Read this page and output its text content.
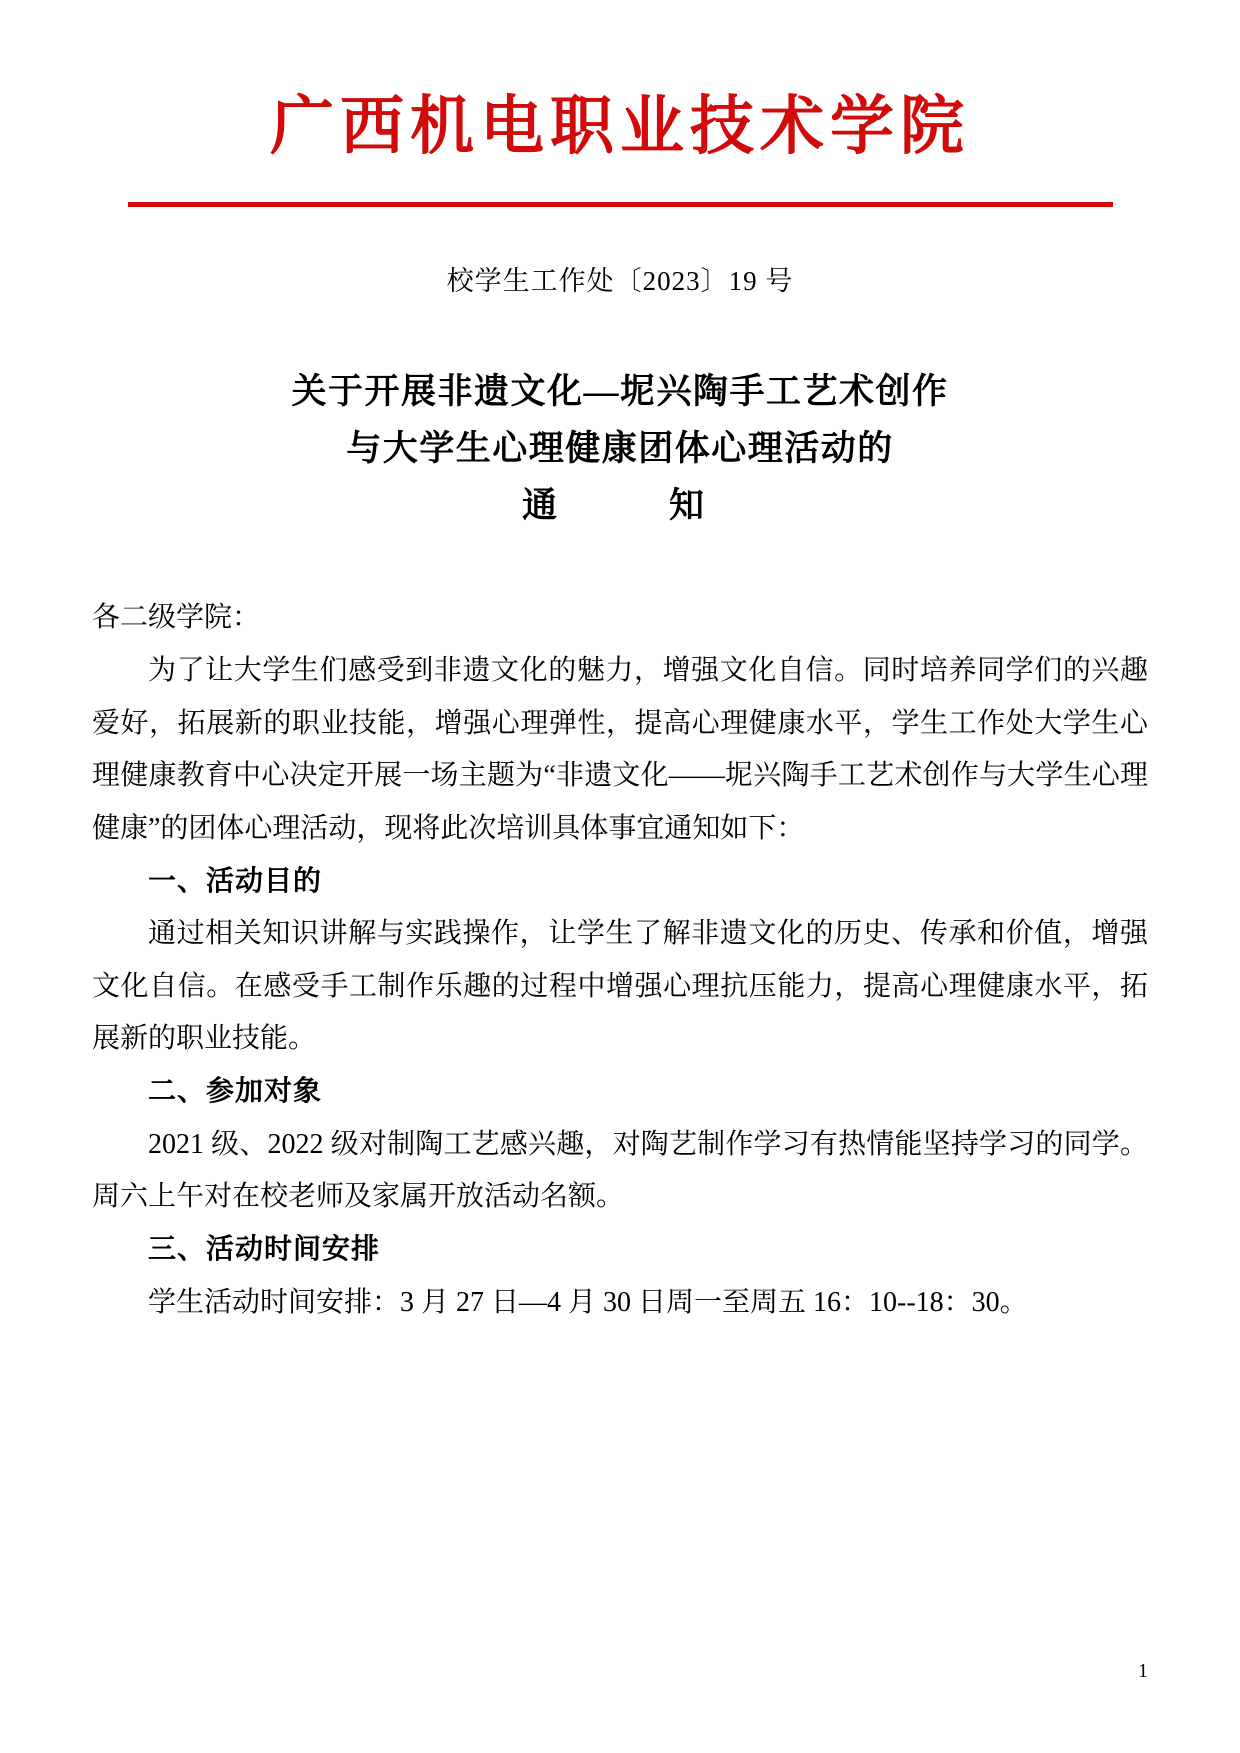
广西机电职业技术学院
校学生工作处〔2023〕19 号
关于开展非遗文化—坭兴陶手工艺术创作
与大学生心理健康团体心理活动的
通　　知

各二级学院：

为了让大学生们感受到非遗文化的魅力，增强文化自信。同时培养同学们的兴趣爱好，拓展新的职业技能，增强心理弹性，提高心理健康水平，学生工作处大学生心理健康教育中心决定开展一场主题为“非遗文化——坭兴陶手工艺术创作与大学生心理健康”的团体心理活动，现将此次培训具体事宜通知如下：

一、活动目的

通过相关知识讲解与实践操作，让学生了解非遗文化的历史、传承和价值，增强文化自信。在感受手工制作乐趣的过程中增强心理抗压能力，提高心理健康水平，拓展新的职业技能。

二、参加对象

2021 级、2022 级对制陶工艺感兴趣，对陶艺制作学习有热情能坚持学习的同学。周六上午对在校老师及家属开放活动名额。

三、活动时间安排

学生活动时间安排：3 月 27 日—4 月 30 日周一至周五 16：10--18：30。

1
